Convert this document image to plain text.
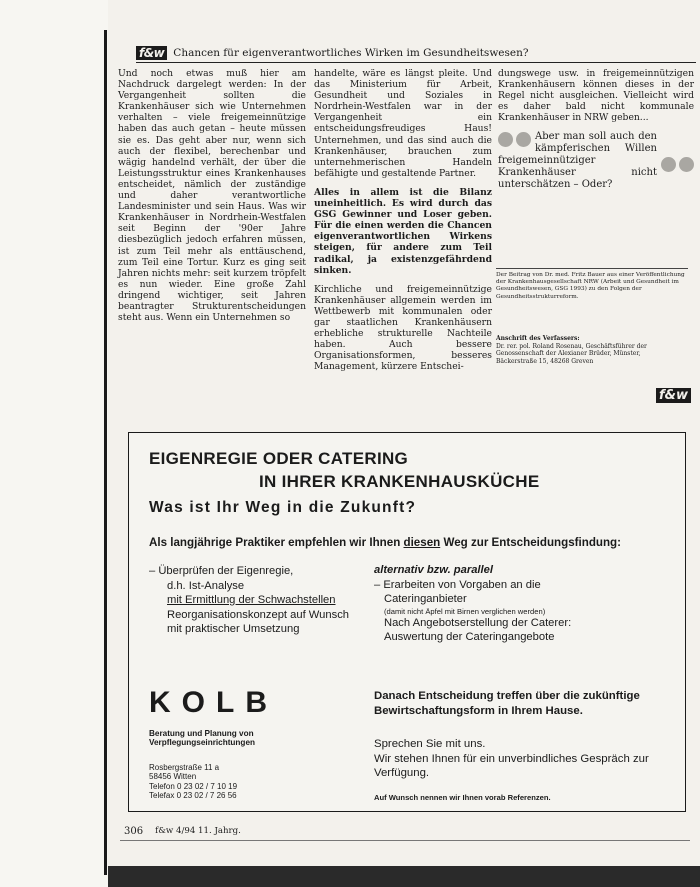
f&w Chancen für eigenverantwortliches Wirken im Gesundheitswesen?

Und noch etwas muß hier am Nachdruck dargelegt werden: In der Vergangenheit sollten die Krankenhäuser sich wie Unternehmen verhalten – viele freigemeinnützige haben das auch getan – heute müssen sie es. Das geht aber nur, wenn sich auch der flexibel, berechenbar und wägig handelnd verhält, der über die Leistungsstruktur eines Krankenhauses entscheidet, nämlich der zuständige und daher verantwortliche Landesminister und sein Haus. Was wir Krankenhäuser in Nordrhein-Westfalen seit Beginn der '90er Jahre diesbezüglich jedoch erfahren müssen, ist zum Teil mehr als enttäuschend, zum Teil eine Tortur. Kurz es ging seit Jahren nichts mehr: seit kurzem tröpfelt es nun wieder. Eine große Zahl dringend wichtiger, seit Jahren beantragter Strukturentscheidungen steht aus. Wenn ein Unternehmen so

handelte, wäre es längst pleite. Und das Ministerium für Arbeit, Gesundheit und Soziales in Nordrhein-Westfalen war in der Vergangenheit ein entscheidungsfreudiges Haus! Unternehmen, und das sind auch die Krankenhäuser, brauchen zum unternehmerischen Handeln befähigte und gestaltende Partner.

Alles in allem ist die Bilanz uneinheitlich. Es wird durch das GSG Gewinner und Loser geben. Für die einen werden die Chancen eigenverantwortlichen Wirkens steigen, für andere zum Teil radikal, ja existenzgefährdend sinken.

Kirchliche und freigemeinnützige Krankenhäuser allgemein werden im Wettbewerb mit kommunalen oder gar staatlichen Krankenhäusern erhebliche strukturelle Nachteile haben. Auch bessere Organisationsformen, besseres Management, kürzere Entschei-

dungswege usw. in freigemeinnützigen Krankenhäusern können dieses in der Regel nicht ausgleichen. Vielleicht wird es daher bald nicht kommunale Krankenhäuser in NRW geben...

Aber man soll auch den kämpferischen Willen freigemeinnütziger Krankenhäuser nicht unterschätzen – Oder?
Der Beitrag von Dr. med. Fritz Bauer aus einer Veröffentlichung der Krankenhausgesellschaft NRW (Arbeit und Gesundheit im Gesundheitswesen, GSG 1993) zu den Folgen der Gesundheitsstrukturreform.
Anschrift des Verfassers:
Dr. rer. pol. Roland Rosenau, Geschäftsführer der Genossenschaft der Alexianer Brüder, Münster, Bäckerstraße 15, 48268 Greven
f&w
EIGENREGIE ODER CATERING
IN IHRER KRANKENHAUSKÜCHE
Was ist Ihr Weg in die Zukunft?
Als langjährige Praktiker empfehlen wir Ihnen diesen Weg zur Entscheidungsfindung:
– Überprüfen der Eigenregie,
d.h. Ist-Analyse
mit Ermittlung der Schwachstellen
Reorganisationskonzept auf Wunsch
mit praktischer Umsetzung
alternativ bzw. parallel
– Erarbeiten von Vorgaben an die
Cateringanbieter
(damit nicht Äpfel mit Birnen verglichen werden)
Nach Angebotserstellung der Caterer:
Auswertung der Cateringangebote
KOLB
Beratung und Planung von Verpflegungseinrichtungen
Rosbergstraße 11 a
58456 Witten
Telefon 0 23 02 / 7 10 19
Telefax 0 23 02 / 7 26 56
Danach Entscheidung treffen über die zukünftige Bewirtschaftungsform in Ihrem Hause.
Sprechen Sie mit uns.
Wir stehen Ihnen für ein unverbindliches Gespräch zur Verfügung.
Auf Wunsch nennen wir Ihnen vorab Referenzen.
306 f&w 4/94 11. Jahrg.
